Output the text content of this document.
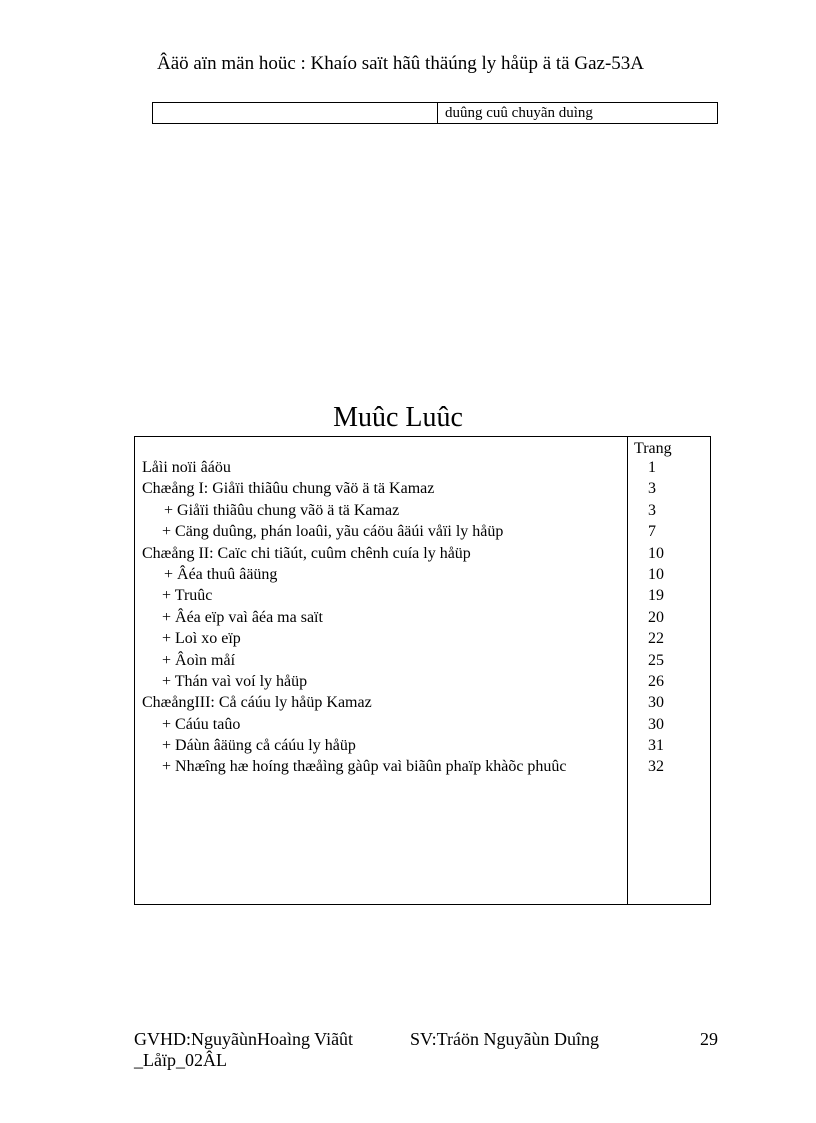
Âäö aïn män hoüc : Khaío saït hãû thäúng ly håüp ä tä Gaz-53A
duûng cuû chuyãn duìng
Muûc Luûc
Trang
Låìi noïi âáöu	1
Chæång I: Giåïi thiãûu chung vãö ä tä Kamaz	3
+ Giåïi thiãûu chung vãö ä tä Kamaz	3
+ Cäng duûng, phán loaûi, yãu cáöu âäúi våïi ly håüp	7
Chæång II: Caïc chi tiãút, cuûm chênh cuía ly håüp	10
+ Âéa thuû âäüng	10
+ Truûc	19
+ Âéa eïp vaì âéa ma saït	20
+ Loì xo eïp	22
+ Âoìn måí	25
+ Thán vaì voí ly håüp	26
ChæångIII: Cå cáúu ly håüp Kamaz	30
+ Cáúu taûo	30
+ Dáùn âäüng cå cáúu ly håüp	31
+ Nhæîng hæ hoíng thæåìng gàûp vaì biãûn phaïp khàõc phuûc	32
GVHD:NguyãùnHoaìng Viãût
_Låïp_02ÂL
SV:Tráön Nguyãùn Duîng	29
